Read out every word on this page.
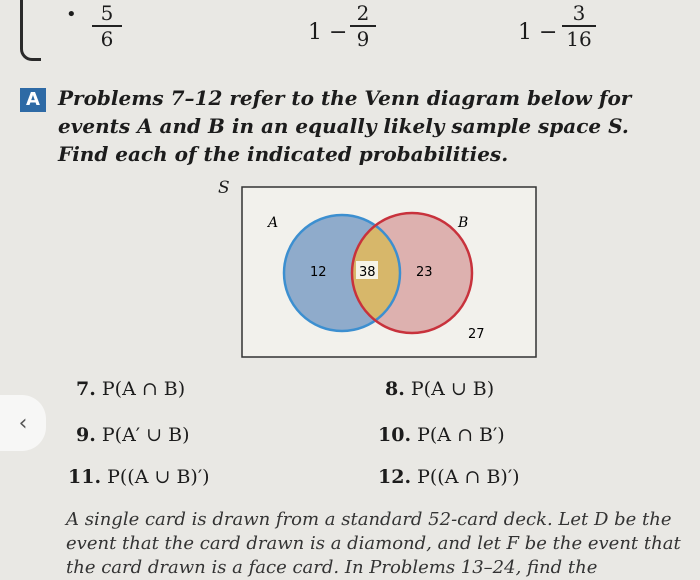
•	5
6	1 −
2
9	1 −
3
16
A Problems 7–12 refer to the Venn diagram below for events A and B in an equally likely sample space S. Find each of the indicated probabilities.
S
A	B
12 38	23
27
7. P(A ∩ B)	8. P(A ∪ B)
9. P(A′ ∪ B)	10. P(A ∩ B′)
11. P((A ∪ B)′)	12. P((A ∩ B)′)
‹
A single card is drawn from a standard 52-card deck. Let D be the event that the card drawn is a diamond, and let F be the event that the card drawn is a face card. In Problems 13–24, find the
